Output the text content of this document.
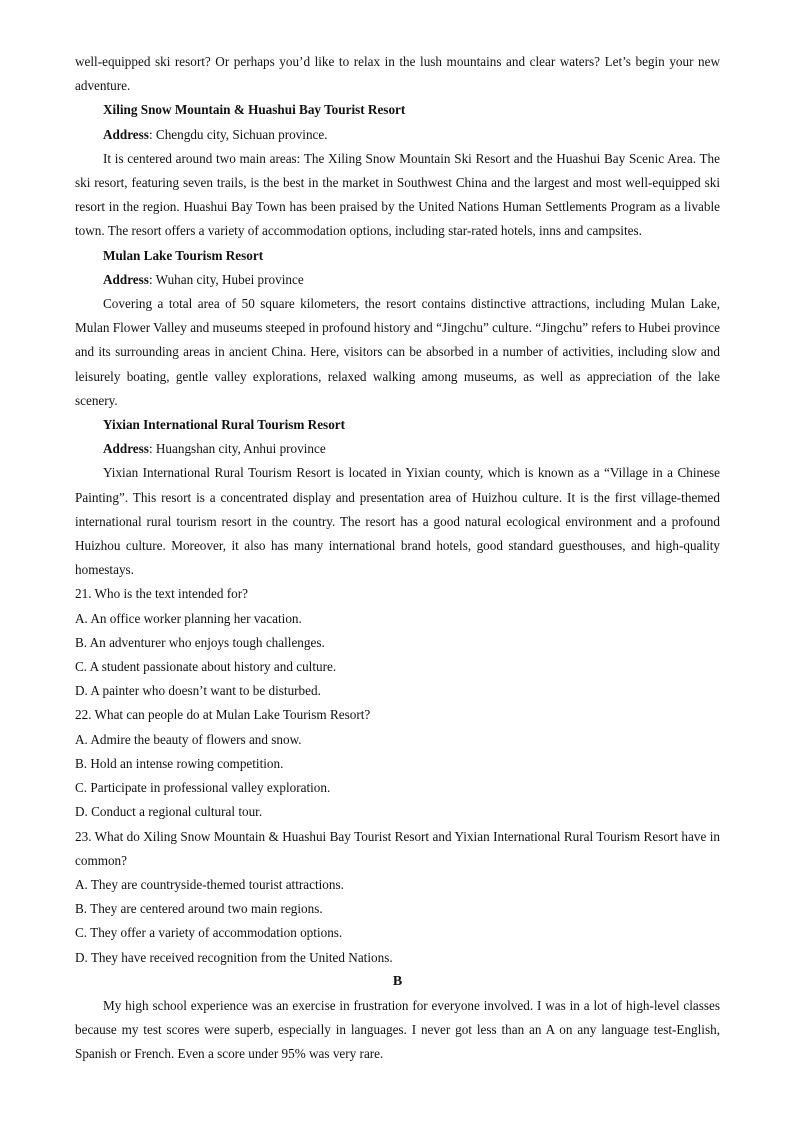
well-equipped ski resort? Or perhaps you’d like to relax in the lush mountains and clear waters? Let’s begin your new adventure.

Xiling Snow Mountain & Huashui Bay Tourist Resort

Address: Chengdu city, Sichuan province.

It is centered around two main areas: The Xiling Snow Mountain Ski Resort and the Huashui Bay Scenic Area. The ski resort, featuring seven trails, is the best in the market in Southwest China and the largest and most well-equipped ski resort in the region. Huashui Bay Town has been praised by the United Nations Human Settlements Program as a livable town. The resort offers a variety of accommodation options, including star-rated hotels, inns and campsites.

Mulan Lake Tourism Resort

Address: Wuhan city, Hubei province

Covering a total area of 50 square kilometers, the resort contains distinctive attractions, including Mulan Lake, Mulan Flower Valley and museums steeped in profound history and “Jingchu” culture. “Jingchu” refers to Hubei province and its surrounding areas in ancient China. Here, visitors can be absorbed in a number of activities, including slow and leisurely boating, gentle valley explorations, relaxed walking among museums, as well as appreciation of the lake scenery.

Yixian International Rural Tourism Resort

Address: Huangshan city, Anhui province

Yixian International Rural Tourism Resort is located in Yixian county, which is known as a “Village in a Chinese Painting”. This resort is a concentrated display and presentation area of Huizhou culture. It is the first village-themed international rural tourism resort in the country. The resort has a good natural ecological environment and a profound Huizhou culture. Moreover, it also has many international brand hotels, good standard guesthouses, and high-quality homestays.

21. Who is the text intended for?

A. An office worker planning her vacation.

B. An adventurer who enjoys tough challenges.

C. A student passionate about history and culture.

D. A painter who doesn’t want to be disturbed.

22. What can people do at Mulan Lake Tourism Resort?

A. Admire the beauty of flowers and snow.

B. Hold an intense rowing competition.

C. Participate in professional valley exploration.

D. Conduct a regional cultural tour.

23. What do Xiling Snow Mountain & Huashui Bay Tourist Resort and Yixian International Rural Tourism Resort have in common?

A. They are countryside-themed tourist attractions.

B. They are centered around two main regions.

C. They offer a variety of accommodation options.

D. They have received recognition from the United Nations.

B

My high school experience was an exercise in frustration for everyone involved. I was in a lot of high-level classes because my test scores were superb, especially in languages. I never got less than an A on any language test-English, Spanish or French. Even a score under 95% was very rare.
